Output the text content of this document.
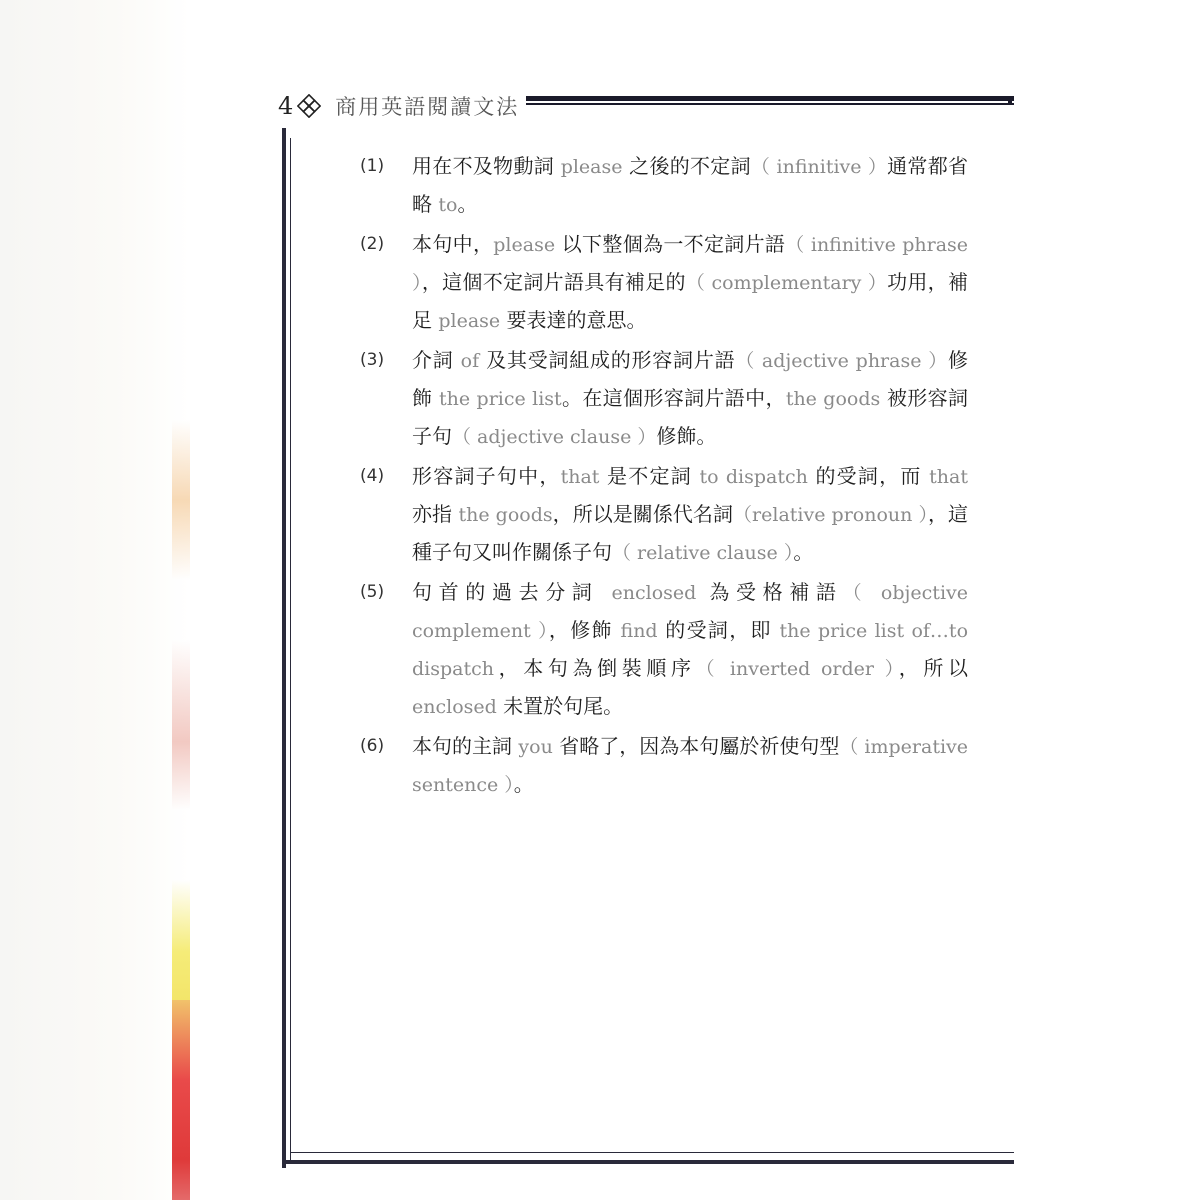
4 商用英語閱讀文法
(1)	用在不及物動詞 please 之後的不定詞（ infinitive ）通常都省略 to。
(2)	本句中，please 以下整個為一不定詞片語（ infinitive phrase ），這個不定詞片語具有補足的（ complementary ）功用，補足 please 要表達的意思。
(3)	介詞 of 及其受詞組成的形容詞片語（ adjective phrase ）修飾 the price list。在這個形容詞片語中，the goods 被形容詞子句（ adjective clause ）修飾。
(4)	形容詞子句中，that 是不定詞 to dispatch 的受詞，而 that 亦指 the goods，所以是關係代名詞（relative pronoun ），這種子句又叫作關係子句（ relative clause ）。
(5)	句首的過去分詞 enclosed 為受格補語（ objective complement ），修飾 find 的受詞，即 the price list of…to dispatch，本句為倒裝順序（ inverted order ），所以 enclosed 未置於句尾。
(6)	本句的主詞 you 省略了，因為本句屬於祈使句型（ imperative sentence ）。
